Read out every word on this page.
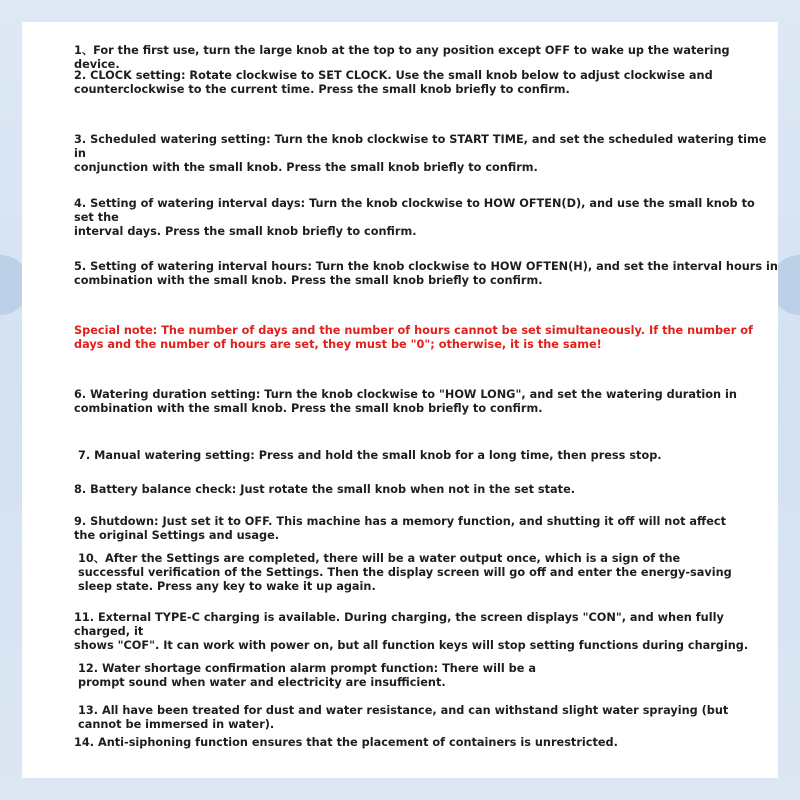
1、For the first use, turn the large knob at the top to any position except OFF to wake up the watering device.

2. CLOCK setting: Rotate clockwise to SET CLOCK. Use the small knob below to adjust clockwise and
counterclockwise to the current time. Press the small knob briefly to confirm.

3. Scheduled watering setting: Turn the knob clockwise to START TIME, and set the scheduled watering time in
conjunction with the small knob. Press the small knob briefly to confirm.

4. Setting of watering interval days: Turn the knob clockwise to HOW OFTEN(D), and use the small knob to set the
interval days. Press the small knob briefly to confirm.

5. Setting of watering interval hours: Turn the knob clockwise to HOW OFTEN(H), and set the interval hours in
combination with the small knob. Press the small knob briefly to confirm.

Special note: The number of days and the number of hours cannot be set simultaneously. If the number of
days and the number of hours are set, they must be "0"; otherwise, it is the same!

6. Watering duration setting: Turn the knob clockwise to "HOW LONG", and set the watering duration in
combination with the small knob. Press the small knob briefly to confirm.

7. Manual watering setting: Press and hold the small knob for a long time, then press stop.

8. Battery balance check: Just rotate the small knob when not in the set state.

9. Shutdown: Just set it to OFF. This machine has a memory function, and shutting it off will not affect
the original Settings and usage.

10、After the Settings are completed, there will be a water output once, which is a sign of the
successful verification of the Settings. Then the display screen will go off and enter the energy-saving
sleep state. Press any key to wake it up again.

11. External TYPE-C charging is available. During charging, the screen displays "CON", and when fully charged, it
shows "COF". It can work with power on, but all function keys will stop setting functions during charging.

12. Water shortage confirmation alarm prompt function: There will be a
prompt sound when water and electricity are insufficient.

13. All have been treated for dust and water resistance, and can withstand slight water spraying (but
cannot be immersed in water).

14. Anti-siphoning function ensures that the placement of containers is unrestricted.
